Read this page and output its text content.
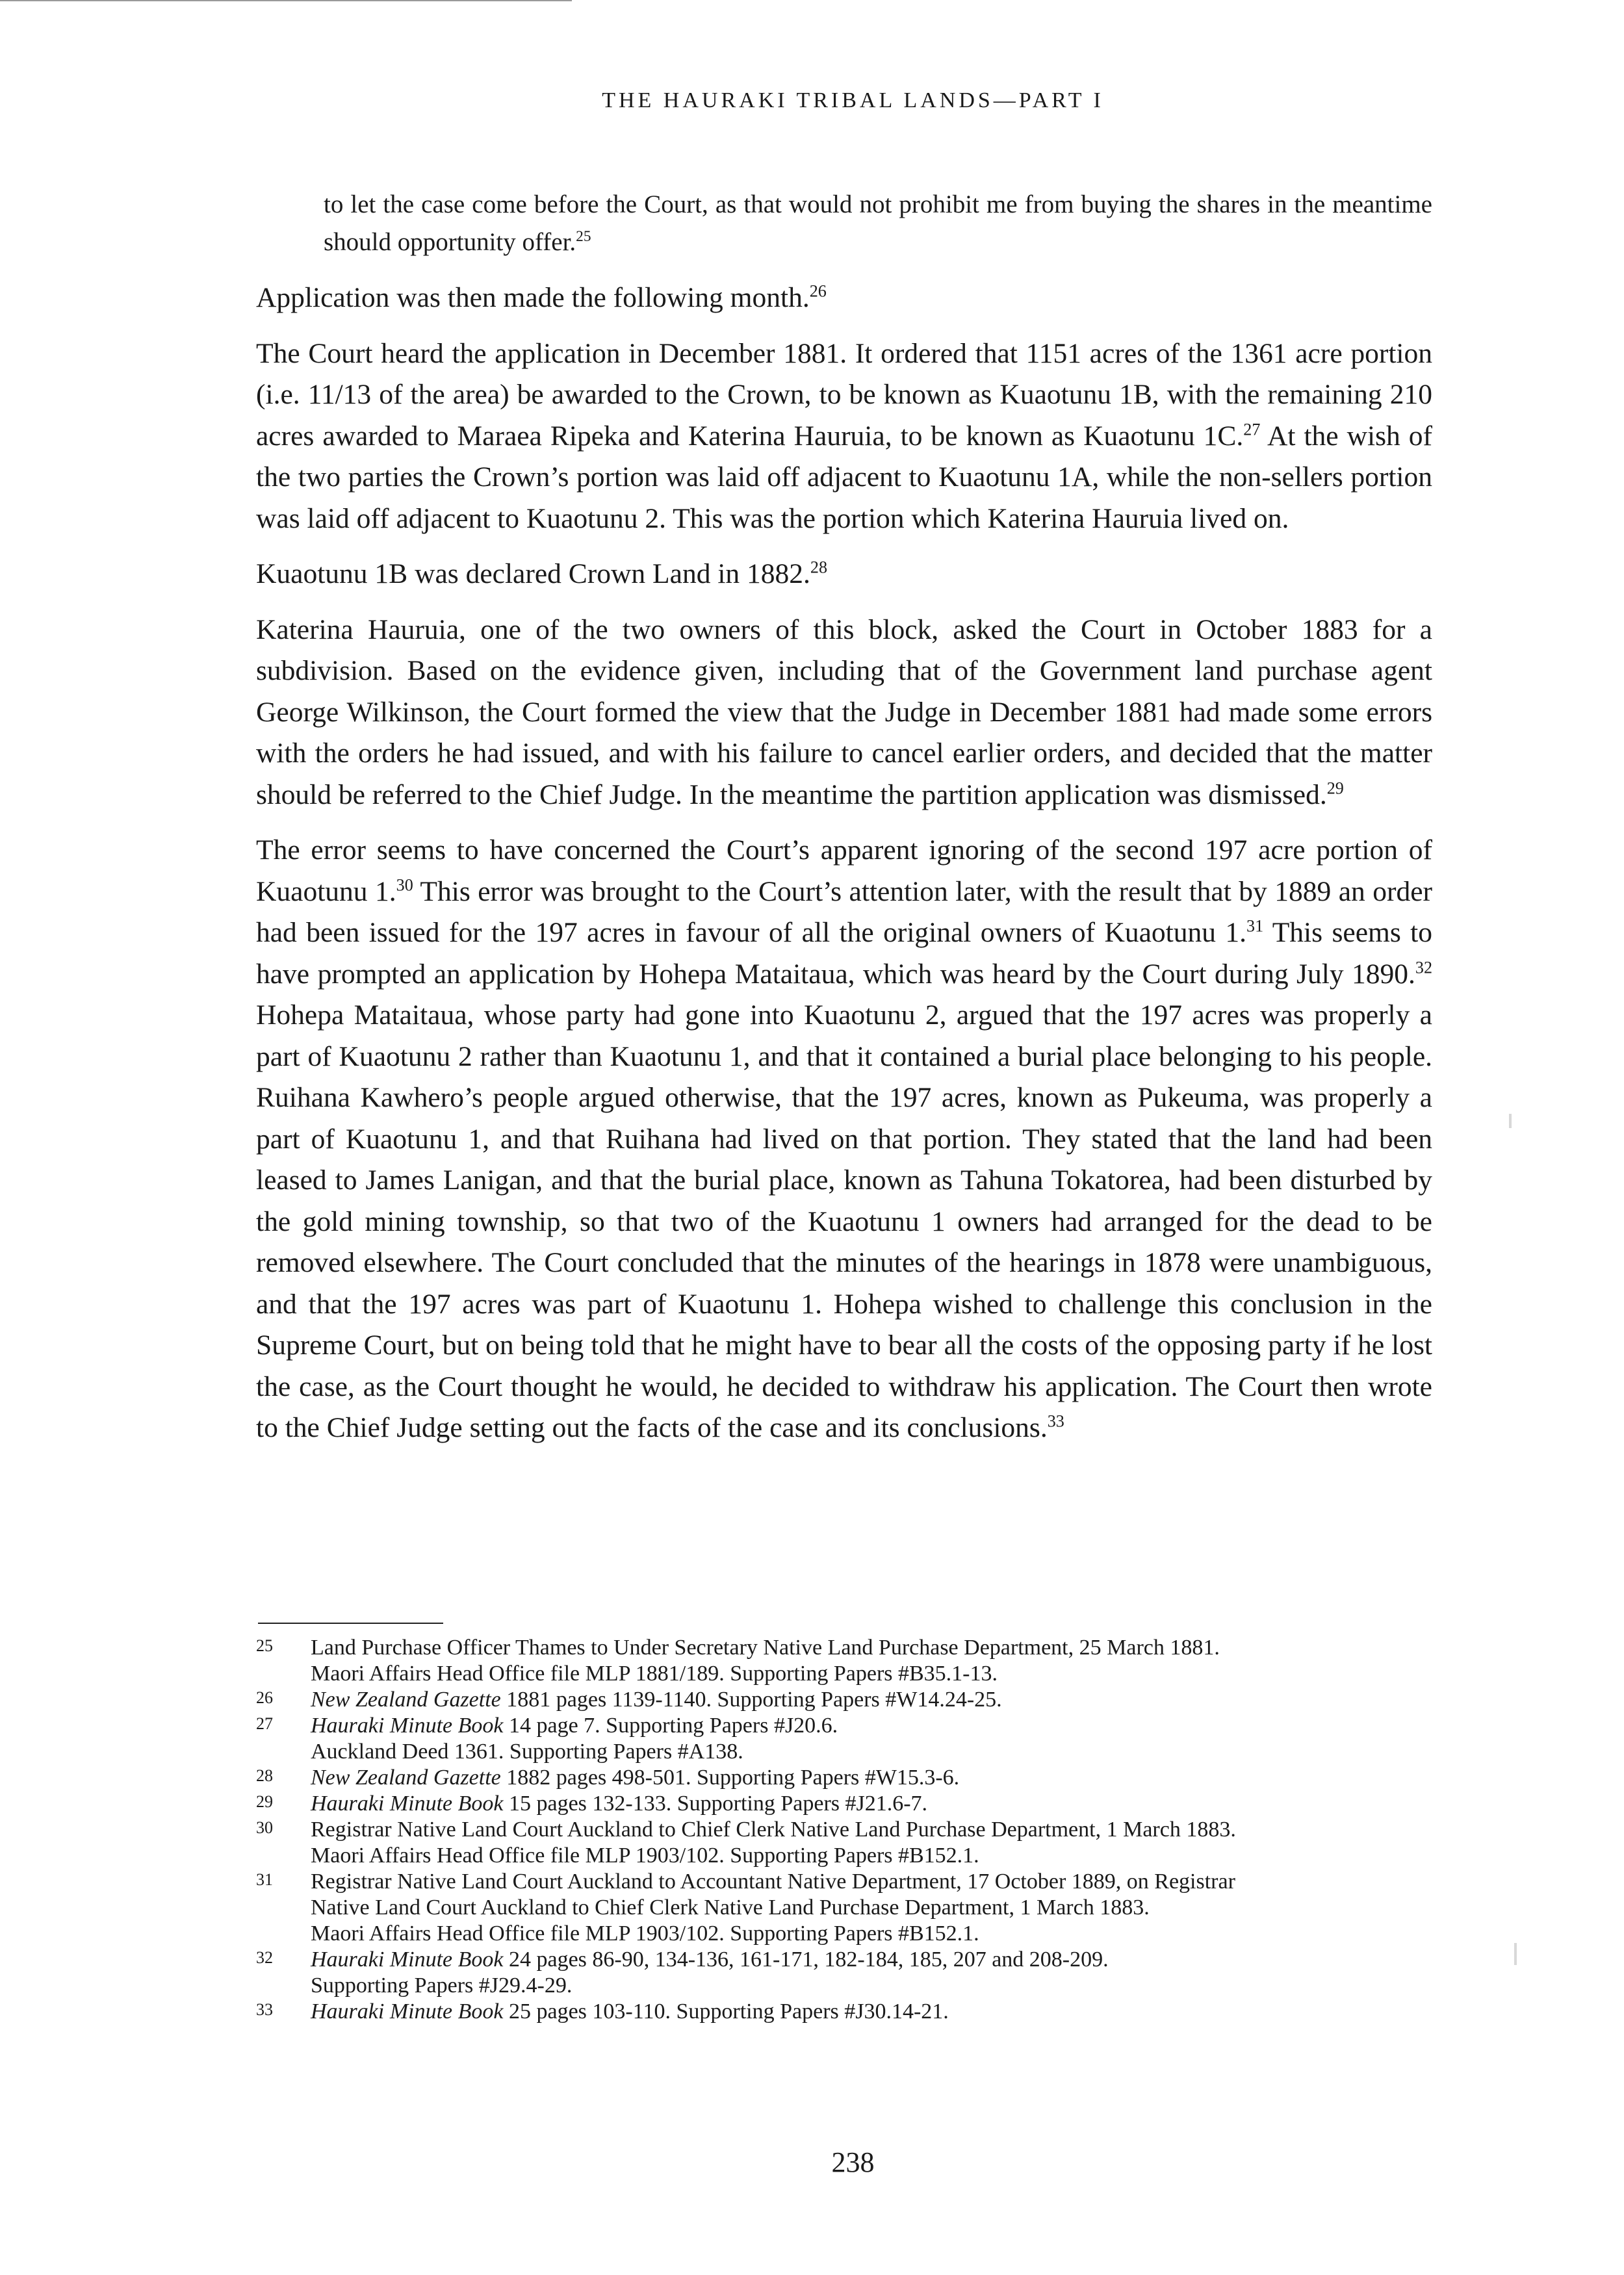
THE HAURAKI TRIBAL LANDS—PART I

to let the case come before the Court, as that would not prohibit me from buying the shares in the meantime should opportunity offer.$^{25}$

Application was then made the following month.$^{26}$

The Court heard the application in December 1881. It ordered that 1151 acres of the 1361 acre portion (i.e. 11/13 of the area) be awarded to the Crown, to be known as Kuaotunu 1B, with the remaining 210 acres awarded to Maraea Ripeka and Katerina Hauruia, to be known as Kuaotunu 1C.$^{27}$ At the wish of the two parties the Crown’s portion was laid off adjacent to Kuaotunu 1A, while the non-sellers portion was laid off adjacent to Kuaotunu 2. This was the portion which Katerina Hauruia lived on.

Kuaotunu 1B was declared Crown Land in 1882.28

Katerina Hauruia, one of the two owners of this block, asked the Court in October 1883 for a subdivision. Based on the evidence given, including that of the Government land purchase agent George Wilkinson, the Court formed the view that the Judge in December 1881 had made some errors with the orders he had issued, and with his failure to cancel earlier orders, and decided that the matter should be referred to the Chief Judge. In the meantime the partition application was dismissed.$^{29}$

The error seems to have concerned the Court’s apparent ignoring of the second 197 acre portion of Kuaotunu 1.30 This error was brought to the Court’s attention later, with the result that by 1889 an order had been issued for the 197 acres in favour of all the original owners of Kuaotunu 1.31 This seems to have prompted an application by Hohepa Mataitaua, which was heard by the Court during July 1890.32 Hohepa Mataitaua, whose party had gone into Kuaotunu 2, argued that the 197 acres was properly a part of Kuaotunu 2 rather than Kuaotunu 1, and that it contained a burial place belonging to his people. Ruihana Kawhero’s people argued otherwise, that the 197 acres, known as Pukeuma, was properly a part of Kuaotunu 1, and that Ruihana had lived on that portion. They stated that the land had been leased to James Lanigan, and that the burial place, known as Tahuna Tokatorea, had been disturbed by the gold mining township, so that two of the Kuaotunu 1 owners had arranged for the dead to be removed elsewhere. The Court concluded that the minutes of the hearings in 1878 were unambiguous, and that the 197 acres was part of Kuaotunu 1. Hohepa wished to challenge this conclusion in the Supreme Court, but on being told that he might have to bear all the costs of the opposing party if he lost the case, as the Court thought he would, he decided to withdraw his application. The Court then wrote to the Chief Judge setting out the facts of the case and its conclusions.$^{33}$

25	Land Purchase Officer Thames to Under Secretary Native Land Purchase Department, 25 March 1881.
Maori Affairs Head Office file MLP 1881/189. Supporting Papers #B35.1-13.
26	New Zealand Gazette 1881 pages 1139-1140. Supporting Papers #W14.24-25.
27	Hauraki Minute Book 14 page 7. Supporting Papers #J20.6.
Auckland Deed 1361. Supporting Papers #A138.
28	New Zealand Gazette 1882 pages 498-501. Supporting Papers #W15.3-6.
29	Hauraki Minute Book 15 pages 132-133. Supporting Papers #J21.6-7.
30	Registrar Native Land Court Auckland to Chief Clerk Native Land Purchase Department, 1 March 1883.
Maori Affairs Head Office file MLP 1903/102. Supporting Papers #B152.1.
31	Registrar Native Land Court Auckland to Accountant Native Department, 17 October 1889, on Registrar
Native Land Court Auckland to Chief Clerk Native Land Purchase Department, 1 March 1883.
Maori Affairs Head Office file MLP 1903/102. Supporting Papers #B152.1.
32	Hauraki Minute Book 24 pages 86-90, 134-136, 161-171, 182-184, 185, 207 and 208-209.
Supporting Papers #J29.4-29.
33	Hauraki Minute Book 25 pages 103-110. Supporting Papers #J30.14-21.
238
